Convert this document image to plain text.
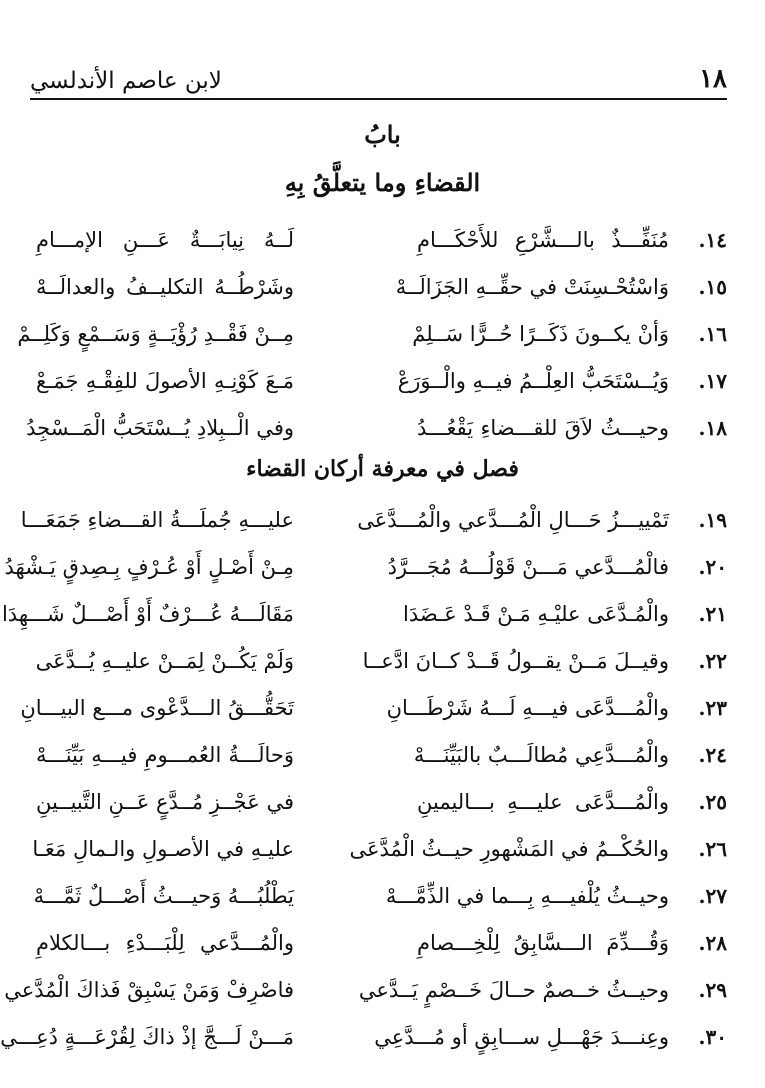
١٨
لابن عاصم الأندلسي
بابُ
القضاءِ وما يتعلَّقُ بِهِ
١٤.
مُنَفِّـــذٌ بالـــشَّرْعِ للأَحْكَـــامِ
لَــهُ نِيابَـــةٌ عَـــنِ الإمـــامِ
١٥.
وَاسْتُحْـسِنَتْ في حقِّــهِ الجَزَالَــهْ
وشَرْطُــهُ التكليــفُ والعدالَــهْ
١٦.
وَأنْ يكــونَ ذَكَــرًا حُــرًّا سَــلِمْ
مِــنْ فَقْــدِ رُؤْيَــةٍ وَسَــمْعٍ وَكَلِــمْ
١٧.
وَيُــسْتَحَبُّ العِلْــمُ فيــهِ والْــوَرَعْ
مَـعَ كَوْنِـهِ الأصولَ للفِقْـهِ جَمَـعْ
١٨.
وحيـــثُ لاَقَ للقـــضاءِ يَقْعُـــدُ
وفي الْــبِلادِ يُــسْتَحَبُّ الْمَــسْجِدُ
فصل في معرفة أركان القضاء
١٩.
تَمْييـــزُ حَـــالِ الْمُـــدَّعي والْمُـــدَّعَى
عليـــهِ جُملَـــةُ القـــضاءِ جَمَعَـــا
٢٠.
فالْمُـــدَّعي مَـــنْ قَوْلُـــهُ مُجَـــرَّدُ
مِـنْ أَصْـلٍ أَوْ عُـرْفٍ بِـصِدقٍ يَـشْهَدُ
٢١.
والْمُـدَّعَى عليْـهِ مَـنْ قَـدْ عَـضَدَا
مَقَالَـــهُ عُـــرْفٌ أَوْ أَصْـــلٌ شَـــهِدَا
٢٢.
وقيــلَ مَــنْ يقــولُ قَــدْ كــانَ ادَّعــا
وَلَمْ يَكُــنْ لِمَــنْ عليــهِ يُــدَّعَى
٢٣.
والْمُـــدَّعَى فيـــهِ لَـــهُ شَرْطَـــانِ
تَحَقُّـــقُ الـــدَّعْوى مـــع البيـــانِ
٢٤.
والْمُـــدَّعِي مُطالَـــبٌ بالبَيِّنَـــهْ
وَحالَـــةُ العُمـــومِ فيـــهِ بَيِّنَـــهْ
٢٥.
والْمُـــدَّعَى عليـــهِ بـــاليمينِ
في عَجْــزِ مُــدَّعٍ عَــنِ التَّبيــينِ
٢٦.
والحُكْــمُ في المَشْهورِ حيــثُ الْمُدَّعَى
عليـهِ في الأصـولِ والـمالِ مَعَـا
٢٧.
وحيــثُ يُلْفيـــهِ بِـــما في الذِّمَّـــهْ
يَطْلُبُـــهُ وَحيـــثُ أَصْـــلٌ ثَمَّـــهْ
٢٨.
وَقُـــدِّمَ الـــسَّابِقُ لِلْخِـــصامِ
والْمُـــدَّعي لِلْبَـــدْءِ بـــالكلامِ
٢٩.
وحيــثُ خــصمٌ حــالَ خَــصْمٍ يَــدَّعي
فاصْرِفْ وَمَنْ يَسْبِقْ فَذاكَ الْمُدَّعي
٣٠.
وعِنـــدَ جَهْـــلِ ســـابِقٍ أو مُـــدَّعِي
مَـــنْ لَـــجَّ إذْ ذاكَ لِقُرْعَـــةٍ دُعِـــي
